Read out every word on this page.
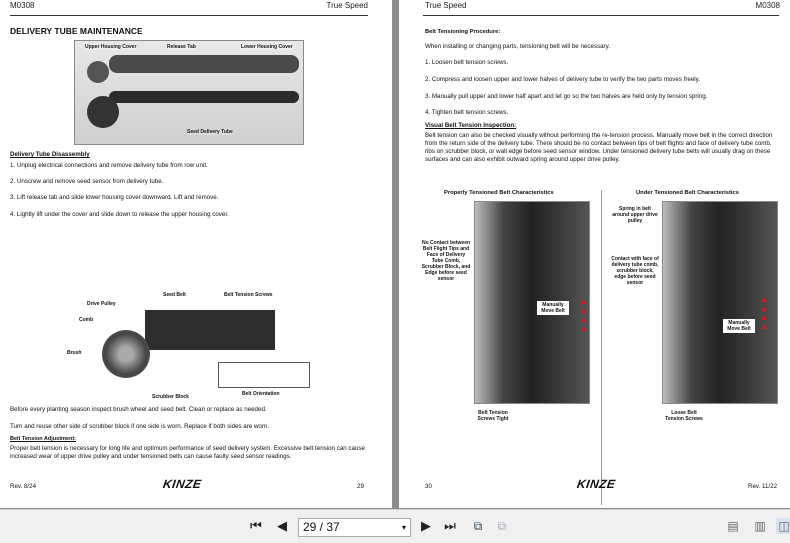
M0308	True Speed
DELIVERY TUBE MAINTENANCE
Upper Housing Cover	Release Tab	Lower Housing Cover
Seed Delivery Tube
Delivery Tube Disassembly
1. Unplug electrical connections and remove delivery tube from row unit.
2. Unscrew and remove seed sensor from delivery tube.
3. Lift release tab and slide lower housing cover downward. Lift and remove.
4. Lightly lift under the cover and slide down to release the upper housing cover.
Seed Belt	Belt Tension Screws
Drive Pulley
Comb
Brush
Scrubber Block	Belt Orientation
Before every planting season inspect brush wheel and seed belt. Clean or replace as needed.
Turn and reuse other side of scrubber block if one side is worn. Replace if both sides are worn.
Belt Tension Adjustment:
Proper belt tension is necessary for long life and optimum performance of seed delivery system. Excessive belt tension can cause increased wear of upper drive pulley and under tensioned belts can cause faulty seed sensor readings.
Rev. 8/24	KINZE	29
True Speed	M0308
Belt Tensioning Procedure:
When installing or changing parts, tensioning belt will be necessary.
1. Loosen belt tension screws.
2. Compress and loosen upper and lower halves of delivery tube to verify the two parts moves freely.
3. Manually pull upper and lower half apart and let go so the two halves are held only by tension spring.
4. Tighten belt tension screws.
Visual Belt Tension Inspection:
Belt tension can also be checked visually without performing the re-tension process. Manually move belt in the correct direction from the return side of the delivery tube. There should be no contact between tips of belt flights and face of delivery tube comb, ribs on scrubber block, or wall edge before seed sensor window. Under tensioned delivery tube belts will usually drag on these surfaces and can also exhibit outward spring around upper drive pulley.
Properly Tensioned Belt Characteristics
Manually Move Belt
▲
▲
▲
▲
No Contact between Belt Flight Tips and Face of Delivery Tube Comb, Scrubber Block, and Edge before seed sensor
Belt Tension Screws Tight
Under Tensioned Belt Characteristics
Manually Move Belt
▲
▲
▲
▲
Spring in belt around upper drive pulley
Contact with face of delivery tube comb, scrubber block, edge before seed sensor
Loose Belt Tension Screws
30	KINZE	Rev. 11/22
⏮ ◀	29 / 37	▾ ▶ ⏭	⧉	⧉	▤ ▥ ◫
